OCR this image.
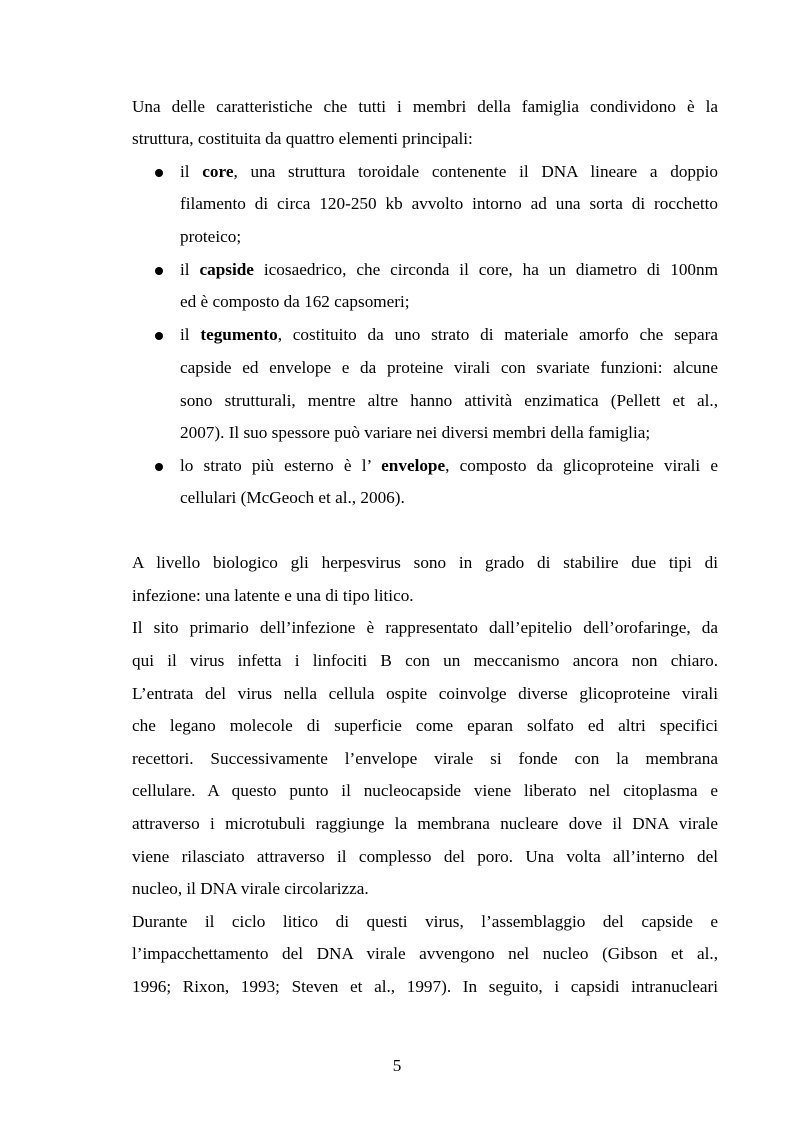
Una delle caratteristiche che tutti i membri della famiglia condividono è la
struttura, costituita da quattro elementi principali:
il core, una struttura toroidale contenente il DNA lineare a doppio
filamento di circa 120-250 kb avvolto intorno ad una sorta di rocchetto
proteico;
il capside icosaedrico, che circonda il core, ha un diametro di 100nm
ed è composto da 162 capsomeri;
il tegumento, costituito da uno strato di materiale amorfo che separa
capside ed envelope e da proteine virali con svariate funzioni: alcune
sono strutturali, mentre altre hanno attività enzimatica (Pellett et al.,
2007). Il suo spessore può variare nei diversi membri della famiglia;
lo strato più esterno è l’ envelope, composto da glicoproteine virali e
cellulari (McGeoch et al., 2006).
A livello biologico gli herpesvirus sono in grado di stabilire due tipi di
infezione: una latente e una di tipo litico.
Il sito primario dell’infezione è rappresentato dall’epitelio dell’orofaringe, da
qui il virus infetta i linfociti B con un meccanismo ancora non chiaro.
L’entrata del virus nella cellula ospite coinvolge diverse glicoproteine virali
che legano molecole di superficie come eparan solfato ed altri specifici
recettori. Successivamente l’envelope virale si fonde con la membrana
cellulare. A questo punto il nucleocapside viene liberato nel citoplasma e
attraverso i microtubuli raggiunge la membrana nucleare dove il DNA virale
viene rilasciato attraverso il complesso del poro. Una volta all’interno del
nucleo, il DNA virale circolarizza.
Durante il ciclo litico di questi virus, l’assemblaggio del capside e
l’impacchettamento del DNA virale avvengono nel nucleo (Gibson et al.,
1996; Rixon, 1993; Steven et al., 1997). In seguito, i capsidi intranucleari
5
